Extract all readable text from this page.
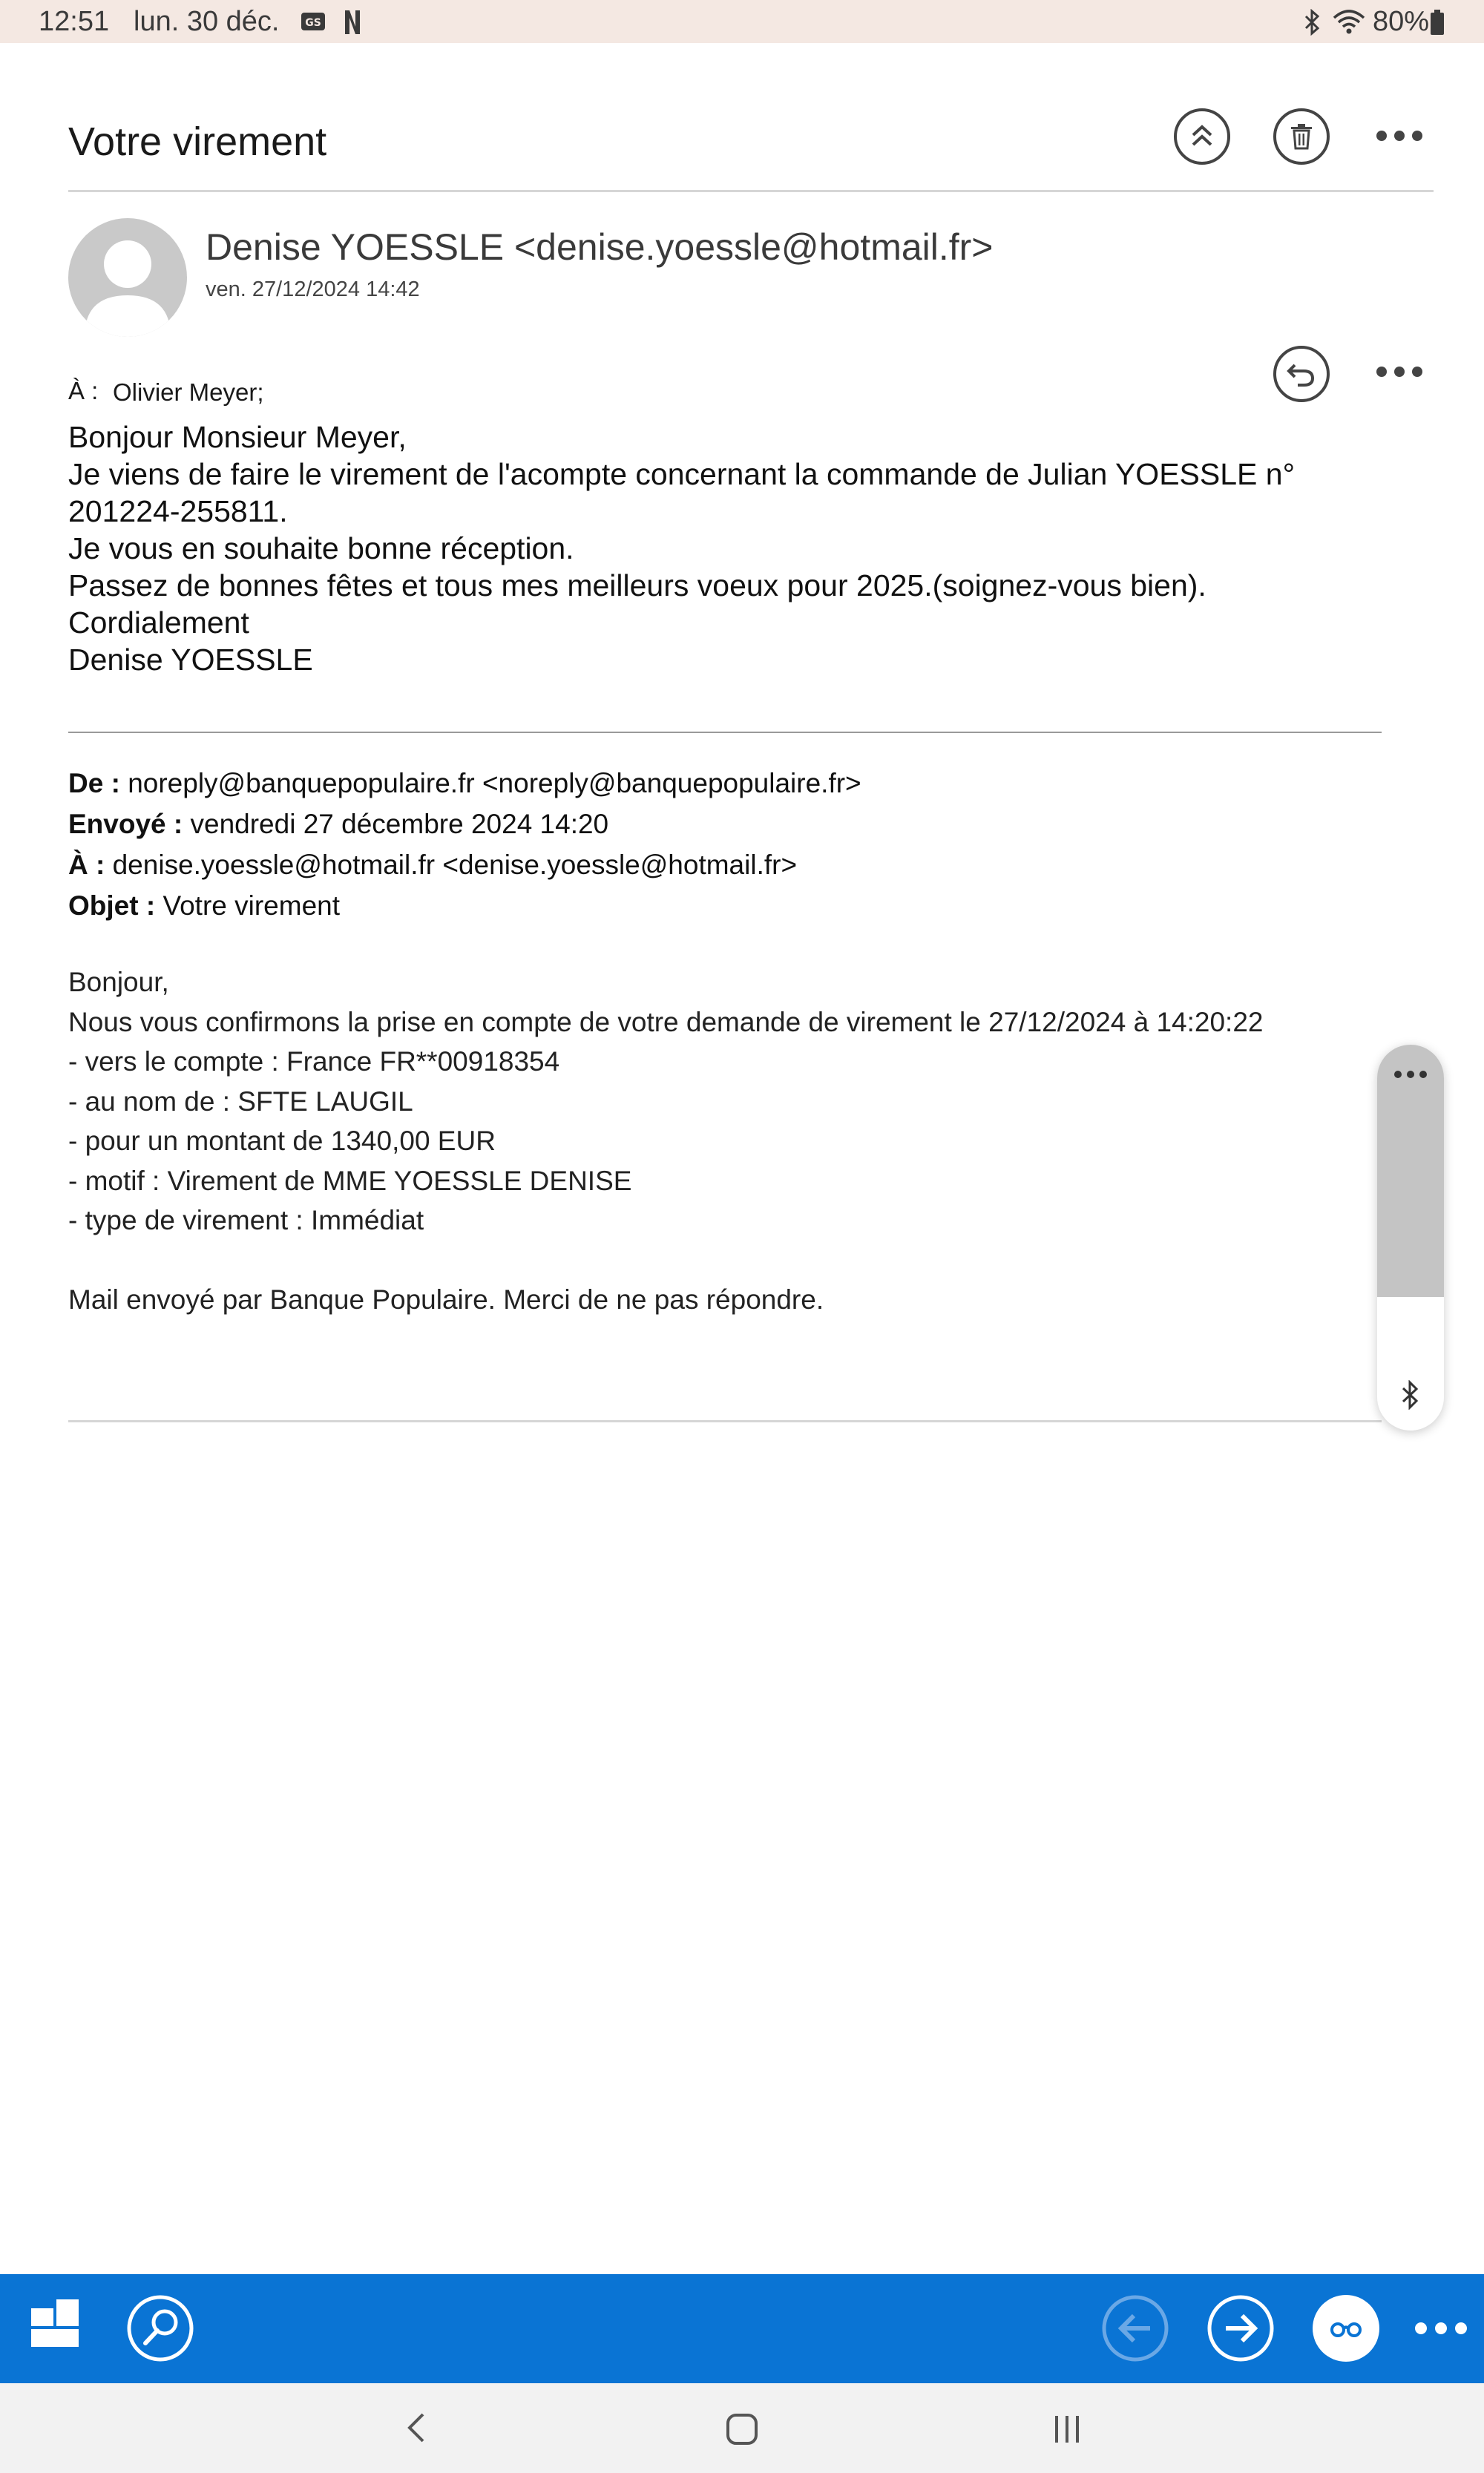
12:51 lun. 30 déc. GS	80%
Votre virement
Denise YOESSLE <denise.yoessle@hotmail.fr>
ven. 27/12/2024 14:42
À : Olivier Meyer;
Bonjour Monsieur Meyer,
Je viens de faire le virement de l'acompte concernant la commande de Julian YOESSLE n°
201224-255811.
Je vous en souhaite bonne réception.
Passez de bonnes fêtes et tous mes meilleurs voeux pour 2025.(soignez-vous bien).
Cordialement
Denise YOESSLE
De : noreply@banquepopulaire.fr <noreply@banquepopulaire.fr>
Envoyé : vendredi 27 décembre 2024 14:20
À : denise.yoessle@hotmail.fr <denise.yoessle@hotmail.fr>
Objet : Votre virement
Bonjour,
Nous vous confirmons la prise en compte de votre demande de virement le 27/12/2024 à 14:20:22
- vers le compte : France FR**00918354
- au nom de : SFTE LAUGIL
- pour un montant de 1340,00 EUR
- motif : Virement de MME YOESSLE DENISE
- type de virement : Immédiat
Mail envoyé par Banque Populaire. Merci de ne pas répondre.
